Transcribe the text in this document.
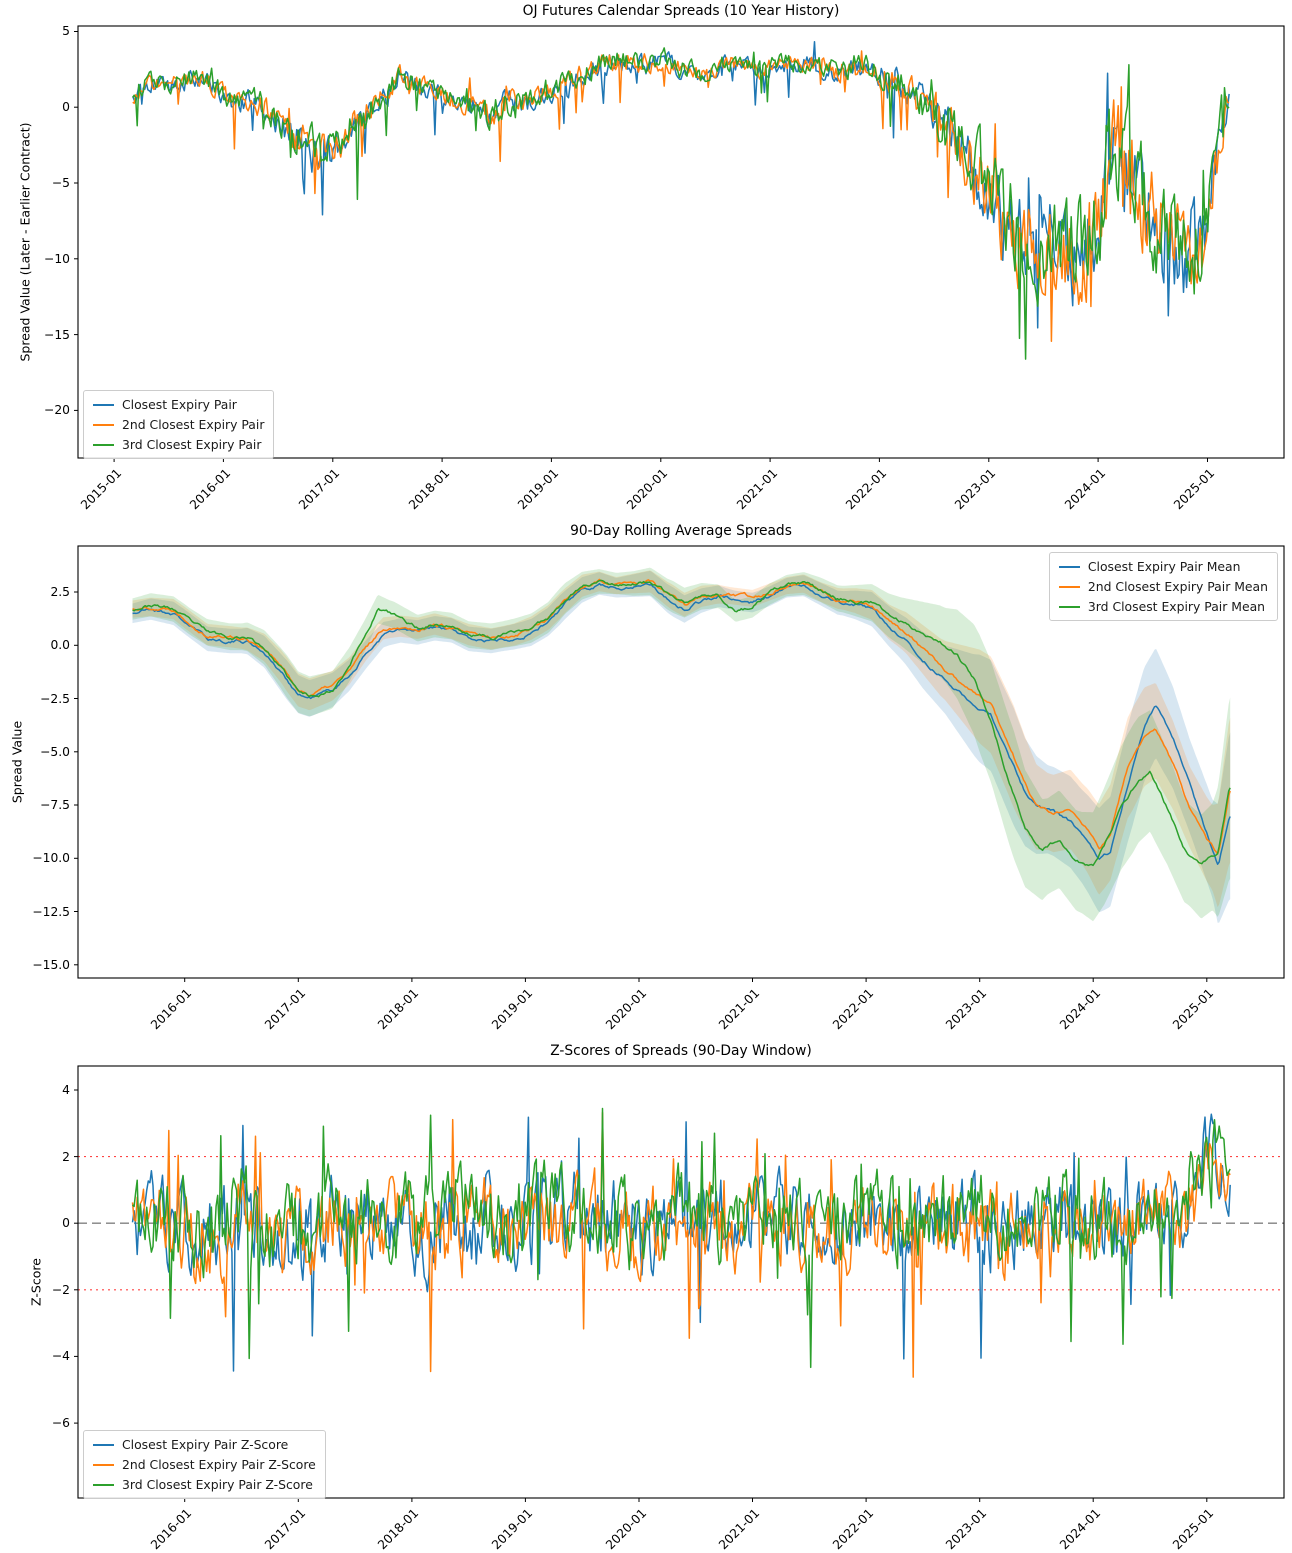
OJ Futures Calendar Spreads (10 Year History)
90-Day Rolling Average Spreads
Z-Scores of Spreads (90-Day Window)
Spread Value (Later - Earlier Contract)
Spread Value
Z-Score
5
0
−5
−10
−15
−20
2015-01	2016-01	2017-01	2018-01	2019-01	2020-01	2021-01	2022-01	2023-01	2024-01	2025-01
2.5
0.0
−2.5
−5.0
−7.5
−10.0
−12.5
−15.0
2016-01	2017-01	2018-01	2019-01	2020-01	2021-01	2022-01	2023-01	2024-01	2025-01
4
2
0
−2
−4
−6
2016-01	2017-01	2018-01	2019-01	2020-01	2021-01	2022-01	2023-01	2024-01	2025-01
Closest Expiry Pair
2nd Closest Expiry Pair
3rd Closest Expiry Pair
Closest Expiry Pair Mean
2nd Closest Expiry Pair Mean
3rd Closest Expiry Pair Mean
Closest Expiry Pair Z-Score
2nd Closest Expiry Pair Z-Score
3rd Closest Expiry Pair Z-Score
